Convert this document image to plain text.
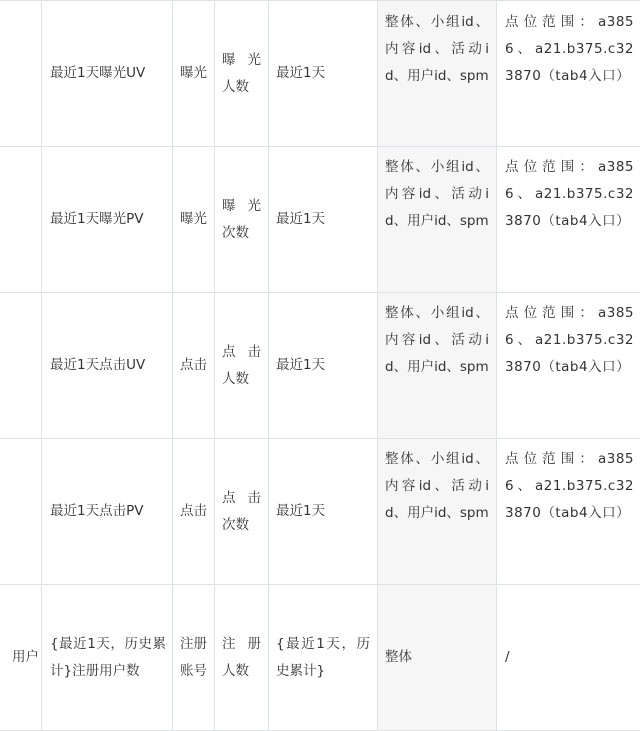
	最近1天曝光UV	曝光	曝光人数	最近1天	整体、小组id、内容id、活动id、用户id、spm	点位范围：a3856、a21.b375.c323870（tab4入口）
	最近1天曝光PV	曝光	曝光次数	最近1天	整体、小组id、内容id、活动id、用户id、spm	点位范围：a3856、a21.b375.c323870（tab4入口）
	最近1天点击UV	点击	点击人数	最近1天	整体、小组id、内容id、活动id、用户id、spm	点位范围：a3856、a21.b375.c323870（tab4入口）
	最近1天点击PV	点击	点击次数	最近1天	整体、小组id、内容id、活动id、用户id、spm	点位范围：a3856、a21.b375.c323870（tab4入口）
用户	{最近1天，历史累计}注册用户数	注册账号	注册人数	{最近1天，历史累计}	整体	/
